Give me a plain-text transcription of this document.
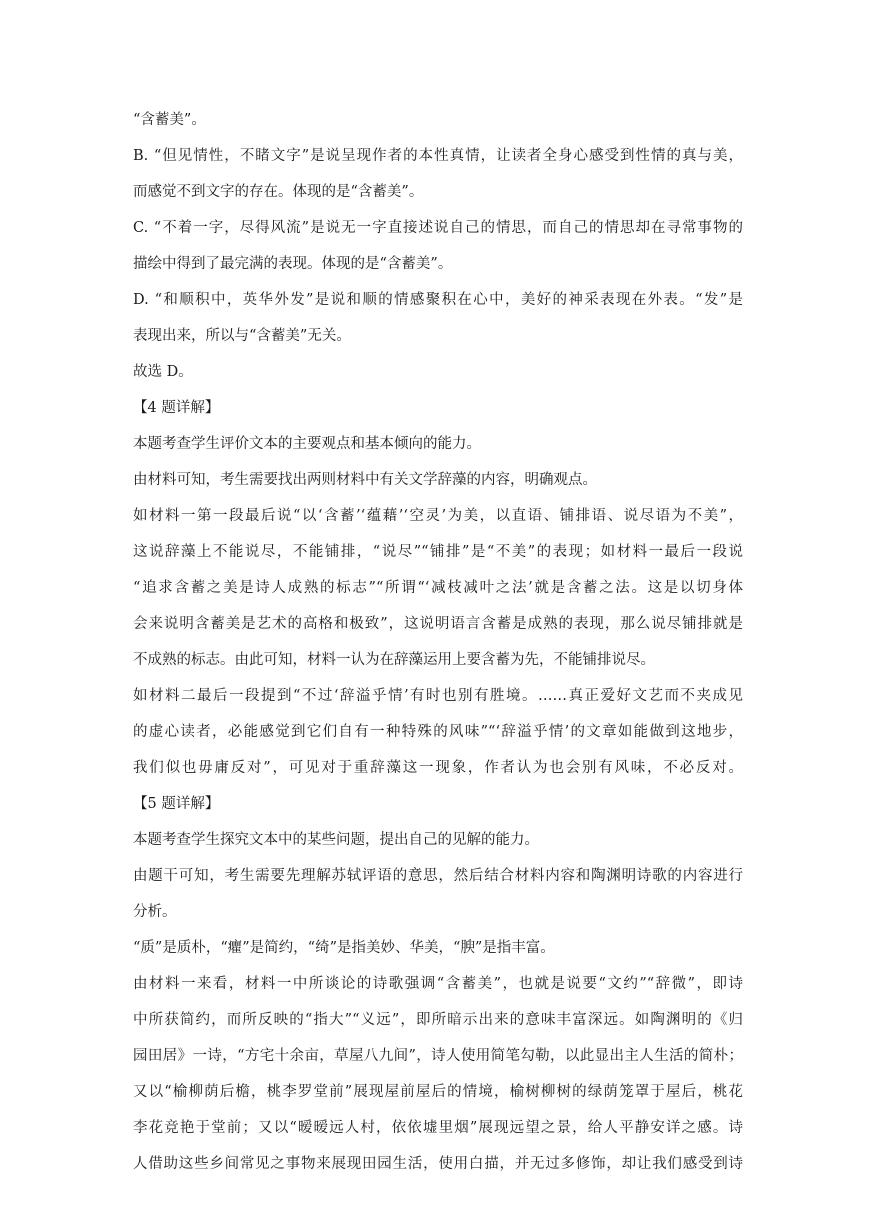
“含蓄美”。
B. “但见情性，不睹文字”是说呈现作者的本性真情，让读者全身心感受到性情的真与美，
而感觉不到文字的存在。体现的是“含蓄美”。
C. “不着一字，尽得风流”是说无一字直接述说自己的情思，而自己的情思却在寻常事物的
描绘中得到了最完满的表现。体现的是“含蓄美”。
D. “和顺积中，英华外发”是说和顺的情感聚积在心中，美好的神采表现在外表。“发”是
表现出来，所以与“含蓄美”无关。
故选 D。
【4 题详解】
本题考查学生评价文本的主要观点和基本倾向的能力。
由材料可知，考生需要找出两则材料中有关文学辞藻的内容，明确观点。
如材料一第一段最后说“以‘含蓄’‘蕴藉’‘空灵’为美，以直语、铺排语、说尽语为不美”，
这说辞藻上不能说尽，不能铺排，“说尽”“铺排”是“不美”的表现；如材料一最后一段说
“追求含蓄之美是诗人成熟的标志”“所谓“‘减枝减叶之法’就是含蓄之法。这是以切身体
会来说明含蓄美是艺术的高格和极致”，这说明语言含蓄是成熟的表现，那么说尽铺排就是
不成熟的标志。由此可知，材料一认为在辞藻运用上要含蓄为先，不能铺排说尽。
如材料二最后一段提到“不过‘辞溢乎情’有时也别有胜境。……真正爱好文艺而不夹成见
的虚心读者，必能感觉到它们自有一种特殊的风味”“‘辞溢乎情’的文章如能做到这地步，
我们似也毋庸反对”，可见对于重辞藻这一现象，作者认为也会别有风味，不必反对。
【5 题详解】
本题考查学生探究文本中的某些问题，提出自己的见解的能力。
由题干可知，考生需要先理解苏轼评语的意思，然后结合材料内容和陶渊明诗歌的内容进行
分析。
“质”是质朴，“癯”是简约，“绮”是指美妙、华美，“腴”是指丰富。
由材料一来看，材料一中所谈论的诗歌强调“含蓄美”，也就是说要“文约”“辞微”，即诗
中所获简约，而所反映的“指大”“义远”，即所暗示出来的意味丰富深远。如陶渊明的《归
园田居》一诗，“方宅十余亩，草屋八九间”，诗人使用简笔勾勒，以此显出主人生活的简朴；
又以“榆柳荫后檐，桃李罗堂前”展现屋前屋后的情境，榆树柳树的绿荫笼罩于屋后，桃花
李花竞艳于堂前；又以“暧暧远人村，依依墟里烟”展现远望之景，给人平静安详之感。诗
人借助这些乡间常见之事物来展现田园生活，使用白描，并无过多修饰，却让我们感受到诗
